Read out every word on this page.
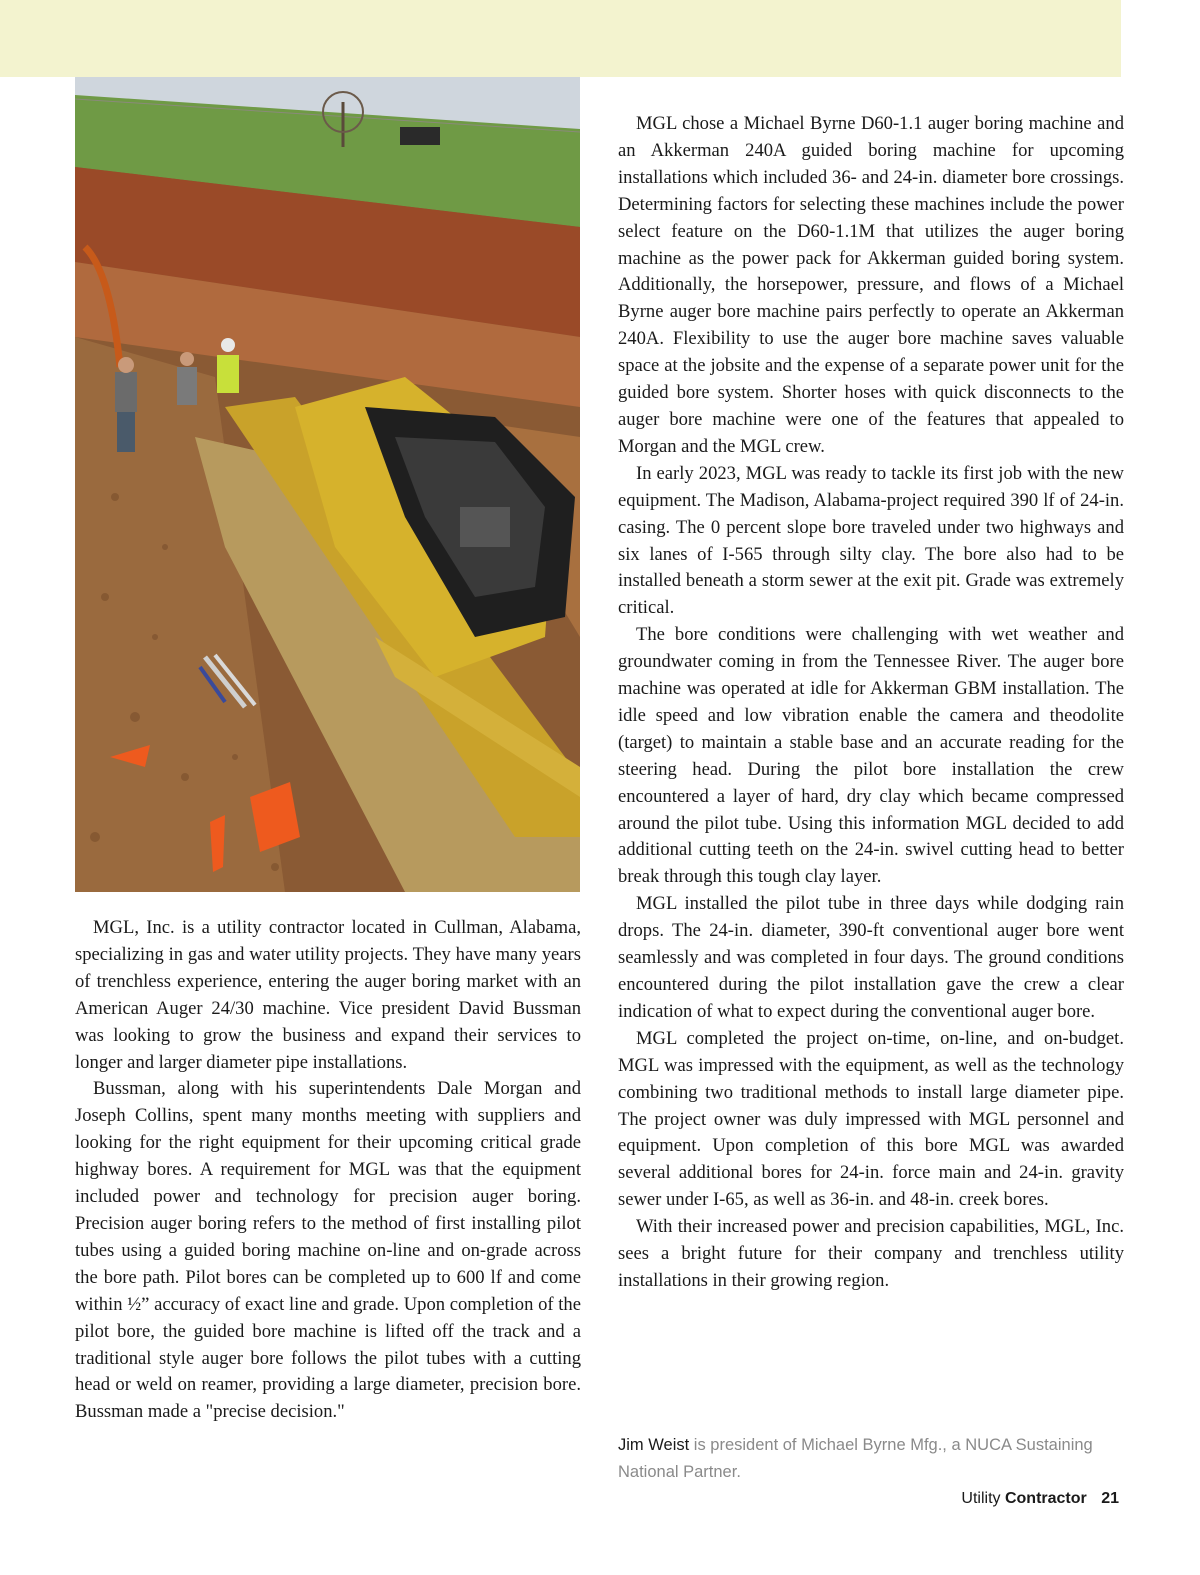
MGL, Inc. is a utility contractor located in Cullman, Alabama, specializing in gas and water utility projects. They have many years of trenchless experience, entering the auger boring market with an American Auger 24/30 machine. Vice president David Bussman was looking to grow the business and expand their services to longer and larger diameter pipe installations.

Bussman, along with his superintendents Dale Morgan and Joseph Collins, spent many months meeting with suppliers and looking for the right equipment for their upcoming critical grade highway bores. A requirement for MGL was that the equipment included power and technology for precision auger boring. Precision auger boring refers to the method of first installing pilot tubes using a guided boring machine on-line and on-grade across the bore path. Pilot bores can be completed up to 600 lf and come within ½” accuracy of exact line and grade. Upon completion of the pilot bore, the guided bore machine is lifted off the track and a traditional style auger bore follows the pilot tubes with a cutting head or weld on reamer, providing a large diameter, precision bore. Bussman made a "precise decision."

MGL chose a Michael Byrne D60-1.1 auger boring machine and an Akkerman 240A guided boring machine for upcoming installations which included 36- and 24-in. diameter bore crossings. Determining factors for selecting these machines include the power select feature on the D60-1.1M that utilizes the auger boring machine as the power pack for Akkerman guided boring system. Additionally, the horsepower, pressure, and flows of a Michael Byrne auger bore machine pairs perfectly to operate an Akkerman 240A. Flexibility to use the auger bore machine saves valuable space at the jobsite and the expense of a separate power unit for the guided bore system. Shorter hoses with quick disconnects to the auger bore machine were one of the features that appealed to Morgan and the MGL crew.

In early 2023, MGL was ready to tackle its first job with the new equipment. The Madison, Alabama-project required 390 lf of 24-in. casing. The 0 percent slope bore traveled under two highways and six lanes of I-565 through silty clay. The bore also had to be installed beneath a storm sewer at the exit pit. Grade was extremely critical.

The bore conditions were challenging with wet weather and groundwater coming in from the Tennessee River. The auger bore machine was operated at idle for Akkerman GBM installation. The idle speed and low vibration enable the camera and theodolite (target) to maintain a stable base and an accurate reading for the steering head. During the pilot bore installation the crew encountered a layer of hard, dry clay which became compressed around the pilot tube. Using this information MGL decided to add additional cutting teeth on the 24-in. swivel cutting head to better break through this tough clay layer.

MGL installed the pilot tube in three days while dodging rain drops. The 24-in. diameter, 390-ft conventional auger bore went seamlessly and was completed in four days. The ground conditions encountered during the pilot installation gave the crew a clear indication of what to expect during the conventional auger bore.

MGL completed the project on-time, on-line, and on-budget. MGL was impressed with the equipment, as well as the technology combining two traditional methods to install large diameter pipe. The project owner was duly impressed with MGL personnel and equipment. Upon completion of this bore MGL was awarded several additional bores for 24-in. force main and 24-in. gravity sewer under I-65, as well as 36-in. and 48-in. creek bores.

With their increased power and precision capabilities, MGL, Inc. sees a bright future for their company and trenchless utility installations in their growing region.

Jim Weist is president of Michael Byrne Mfg., a NUCA Sustaining National Partner.
Utility Contractor 21
